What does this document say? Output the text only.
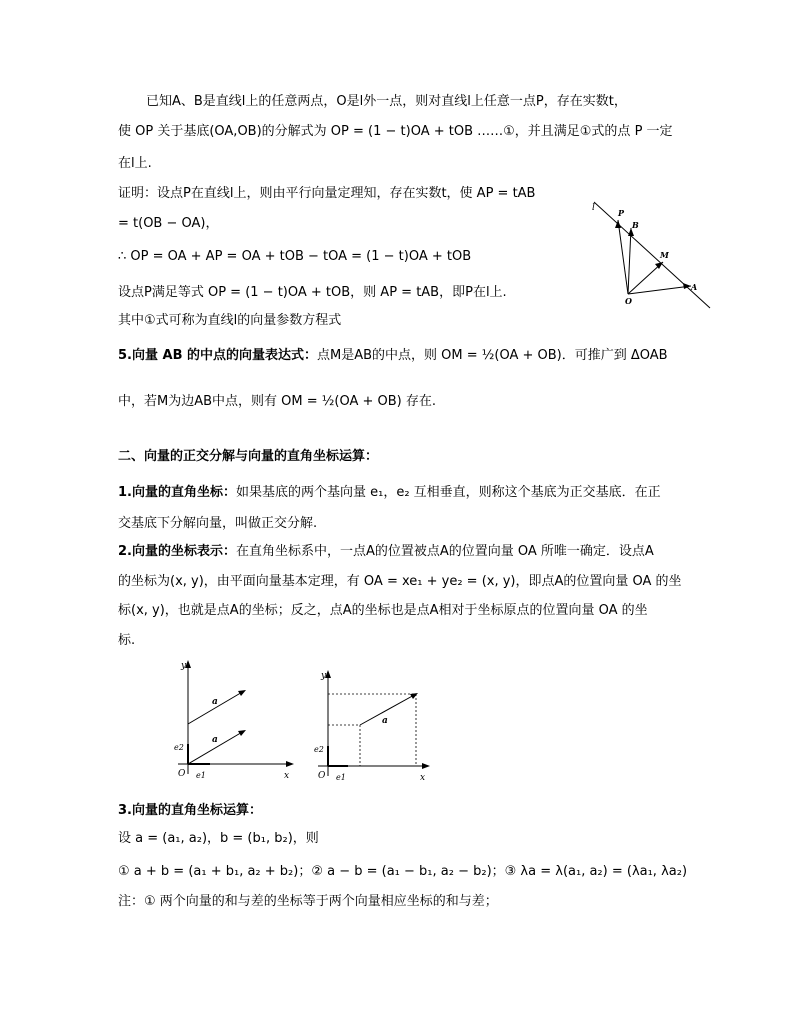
已知A、B是直线l上的任意两点，O是l外一点，则对直线l上任意一点P，存在实数t，
使 OP 关于基底(OA,OB)的分解式为 OP = (1 − t)OA + tOB ……①，并且满足①式的点 P 一定
在l上.
证明：设点P在直线l上，则由平行向量定理知，存在实数t，使 AP = tAB
= t(OB − OA)，
∴ OP = OA + AP = OA + tOB − tOA = (1 − t)OA + tOB
设点P满足等式 OP = (1 − t)OA + tOB，则 AP = tAB，即P在l上.
其中①式可称为直线l的向量参数方程式
l	P
B
M
A
O
5.向量 AB 的中点的向量表达式：点M是AB的中点，则 OM = ½(OA + OB)．可推广到 ΔOAB
中，若M为边AB中点，则有 OM = ½(OA + OB) 存在.
二、向量的正交分解与向量的直角坐标运算：
1.向量的直角坐标：如果基底的两个基向量 e₁，e₂ 互相垂直，则称这个基底为正交基底．在正
交基底下分解向量，叫做正交分解.
2.向量的坐标表示：在直角坐标系中，一点A的位置被点A的位置向量 OA 所唯一确定．设点A
的坐标为(x, y)，由平面向量基本定理，有 OA = xe₁ + ye₂ = (x, y)，即点A的位置向量 OA 的坐
标(x, y)，也就是点A的坐标；反之，点A的坐标也是点A相对于坐标原点的位置向量 OA 的坐
标.
y
x
O e1
e2
a
a
y
x
O e1
e2
a
3.向量的直角坐标运算：
设 a = (a₁, a₂)，b = (b₁, b₂)，则
① a + b = (a₁ + b₁, a₂ + b₂)；② a − b = (a₁ − b₁, a₂ − b₂)；③ λa = λ(a₁, a₂) = (λa₁, λa₂)
注：① 两个向量的和与差的坐标等于两个向量相应坐标的和与差；
